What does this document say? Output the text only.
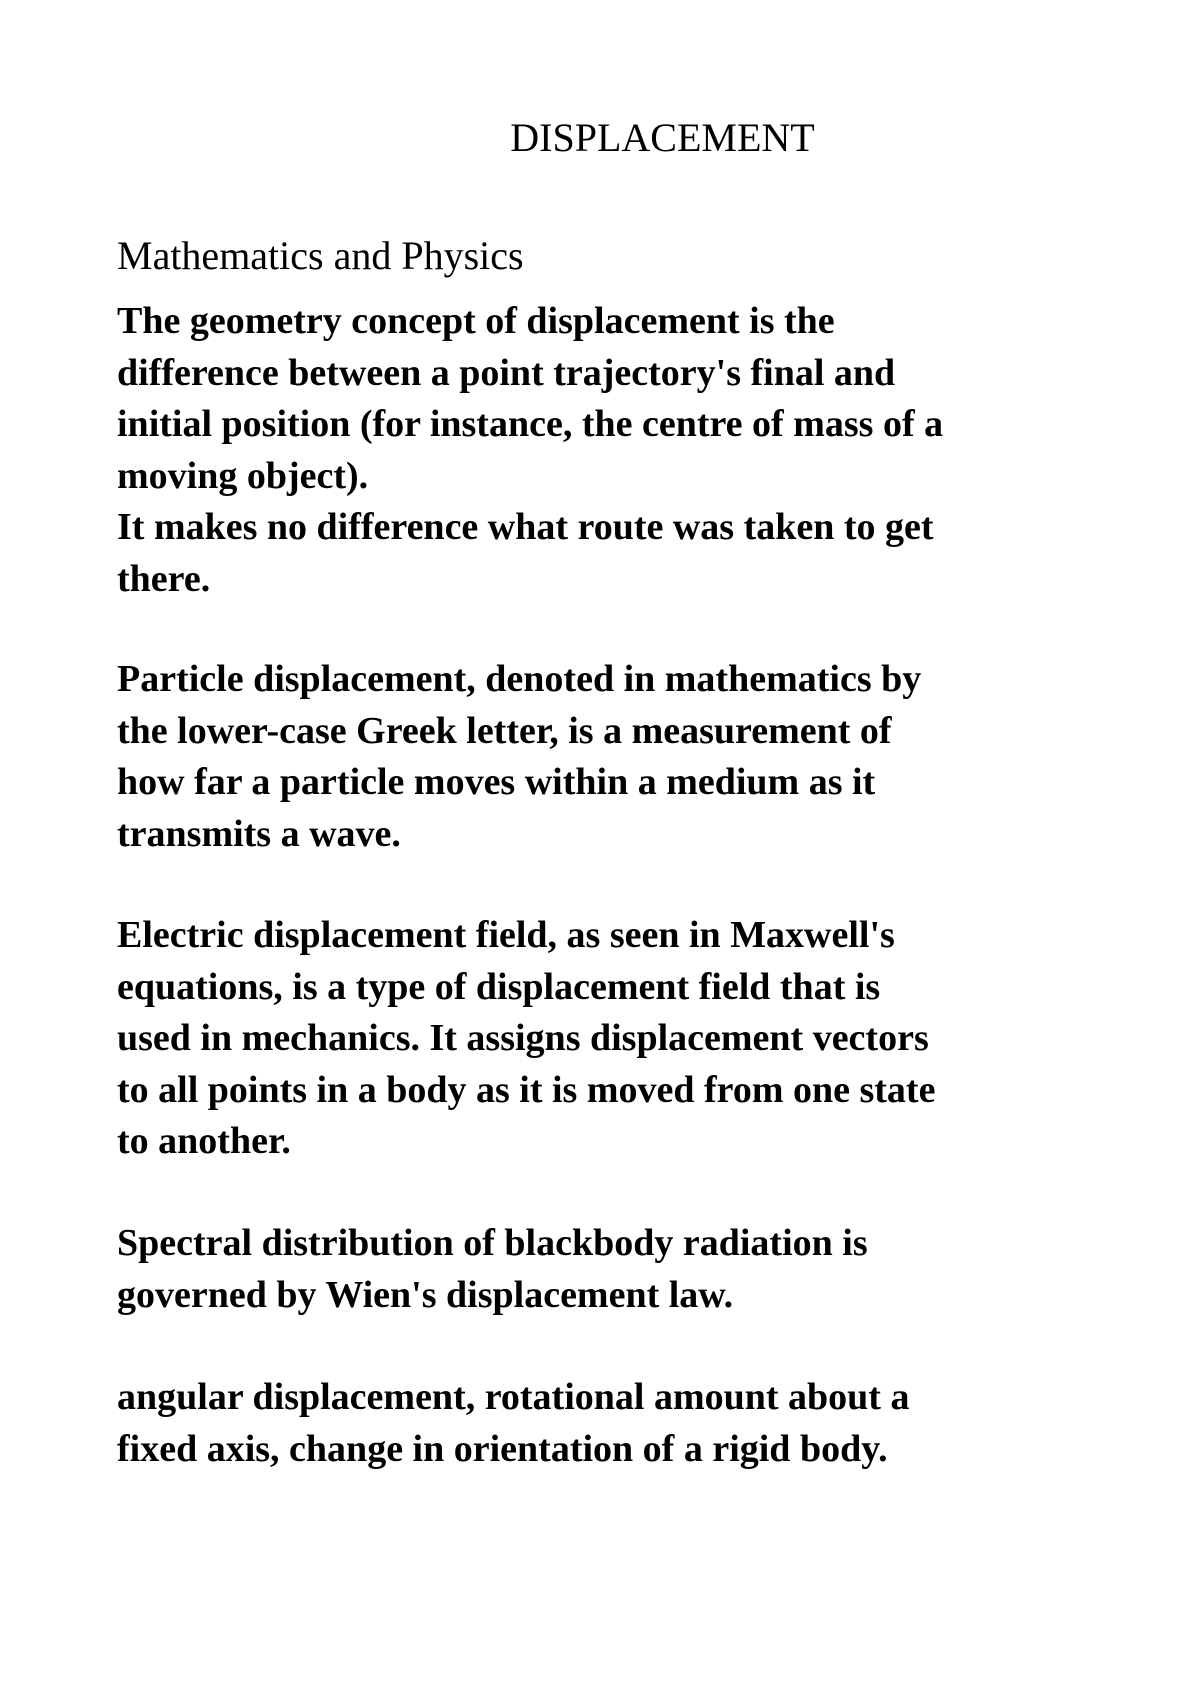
DISPLACEMENT
Mathematics and Physics

The geometry concept of displacement is the
difference between a point trajectory's final and
initial position (for instance, the centre of mass of a
moving object).
It makes no difference what route was taken to get
there.

Particle displacement, denoted in mathematics by
the lower-case Greek letter, is a measurement of
how far a particle moves within a medium as it
transmits a wave.

Electric displacement field, as seen in Maxwell's
equations, is a type of displacement field that is
used in mechanics. It assigns displacement vectors
to all points in a body as it is moved from one state
to another.

Spectral distribution of blackbody radiation is
governed by Wien's displacement law.

angular displacement, rotational amount about a
fixed axis, change in orientation of a rigid body.
